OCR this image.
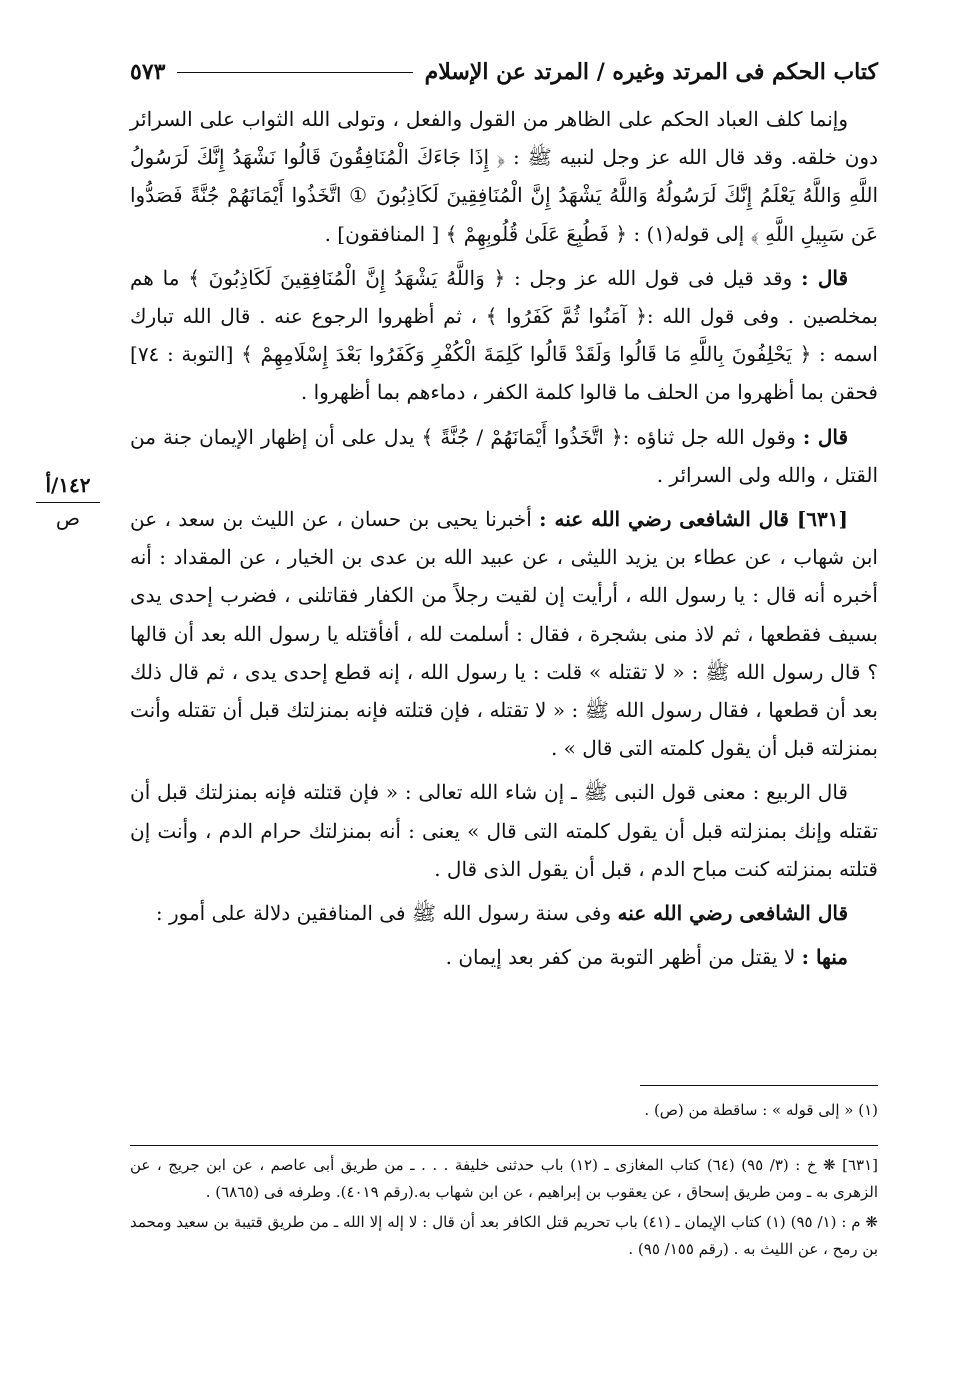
كتاب الحكم فى المرتد وغيره / المرتد عن الإسلام
٥٧٣
١٤٢/أ
ص

وإنما كلف العباد الحكم على الظاهر من القول والفعل ، وتولى الله الثواب على السرائر دون خلقه. وقد قال الله عز وجل لنبيه ﷺ : ﴿ إِذَا جَاءَكَ الْمُنَافِقُونَ قَالُوا نَشْهَدُ إِنَّكَ لَرَسُولُ اللَّهِ وَاللَّهُ يَعْلَمُ إِنَّكَ لَرَسُولُهُ وَاللَّهُ يَشْهَدُ إِنَّ الْمُنَافِقِينَ لَكَاذِبُونَ ① اتَّخَذُوا أَيْمَانَهُمْ جُنَّةً فَصَدُّوا عَن سَبِيلِ اللَّهِ ﴾ إلى قوله(١) : ﴿ فَطُبِعَ عَلَىٰ قُلُوبِهِمْ ﴾ [ المنافقون] .

قال : وقد قيل فى قول الله عز وجل : ﴿ وَاللَّهُ يَشْهَدُ إِنَّ الْمُنَافِقِينَ لَكَاذِبُونَ ﴾ ما هم بمخلصين . وفى قول الله :﴿ آمَنُوا ثُمَّ كَفَرُوا ﴾ ، ثم أظهروا الرجوع عنه . قال الله تبارك اسمه : ﴿ يَحْلِفُونَ بِاللَّهِ مَا قَالُوا وَلَقَدْ قَالُوا كَلِمَةَ الْكُفْرِ وَكَفَرُوا بَعْدَ إِسْلَامِهِمْ ﴾ [التوبة : ٧٤] فحقن بما أظهروا من الحلف ما قالوا كلمة الكفر ، دماءهم بما أظهروا .

قال : وقول الله جل ثناؤه :﴿ اتَّخَذُوا أَيْمَانَهُمْ / جُنَّةً ﴾ يدل على أن إظهار الإيمان جنة من القتل ، والله ولى السرائر .

[٦٣١] قال الشافعى رضي الله عنه : أخبرنا يحيى بن حسان ، عن الليث بن سعد ، عن ابن شهاب ، عن عطاء بن يزيد الليثى ، عن عبيد الله بن عدى بن الخيار ، عن المقداد : أنه أخبره أنه قال : يا رسول الله ، أرأيت إن لقيت رجلاً من الكفار فقاتلنى ، فضرب إحدى يدى بسيف فقطعها ، ثم لاذ منى بشجرة ، فقال : أسلمت لله ، أفأقتله يا رسول الله بعد أن قالها ؟ قال رسول الله ﷺ : « لا تقتله » قلت : يا رسول الله ، إنه قطع إحدى يدى ، ثم قال ذلك بعد أن قطعها ، فقال رسول الله ﷺ : « لا تقتله ، فإن قتلته فإنه بمنزلتك قبل أن تقتله وأنت بمنزلته قبل أن يقول كلمته التى قال » .

قال الربيع : معنى قول النبى ﷺ ـ إن شاء الله تعالى : « فإن قتلته فإنه بمنزلتك قبل أن تقتله وإنك بمنزلته قبل أن يقول كلمته التى قال » يعنى : أنه بمنزلتك حرام الدم ، وأنت إن قتلته بمنزلته كنت مباح الدم ، قبل أن يقول الذى قال .

قال الشافعى رضي الله عنه وفى سنة رسول الله ﷺ فى المنافقين دلالة على أمور :

منها : لا يقتل من أظهر التوبة من كفر بعد إيمان .

(١) « إلى قوله » : ساقطة من (ص) .

[٦٣١] ❋ خ : (٣/ ٩٥) (٦٤) كتاب المغازى ـ (١٢) باب حدثنى خليفة . . . ـ من طريق أبى عاصم ، عن ابن جريج ، عن الزهرى به ـ ومن طريق إسحاق ، عن يعقوب بن إبراهيم ، عن ابن شهاب به.(رقم ٤٠١٩). وطرفه فى (٦٨٦٥) .

❋ م : (١/ ٩٥) (١) كتاب الإيمان ـ (٤١) باب تحريم قتل الكافر بعد أن قال : لا إله إلا الله ـ من طريق قتيبة بن سعيد ومحمد بن رمح ، عن الليث به . (رقم ١٥٥/ ٩٥) .
